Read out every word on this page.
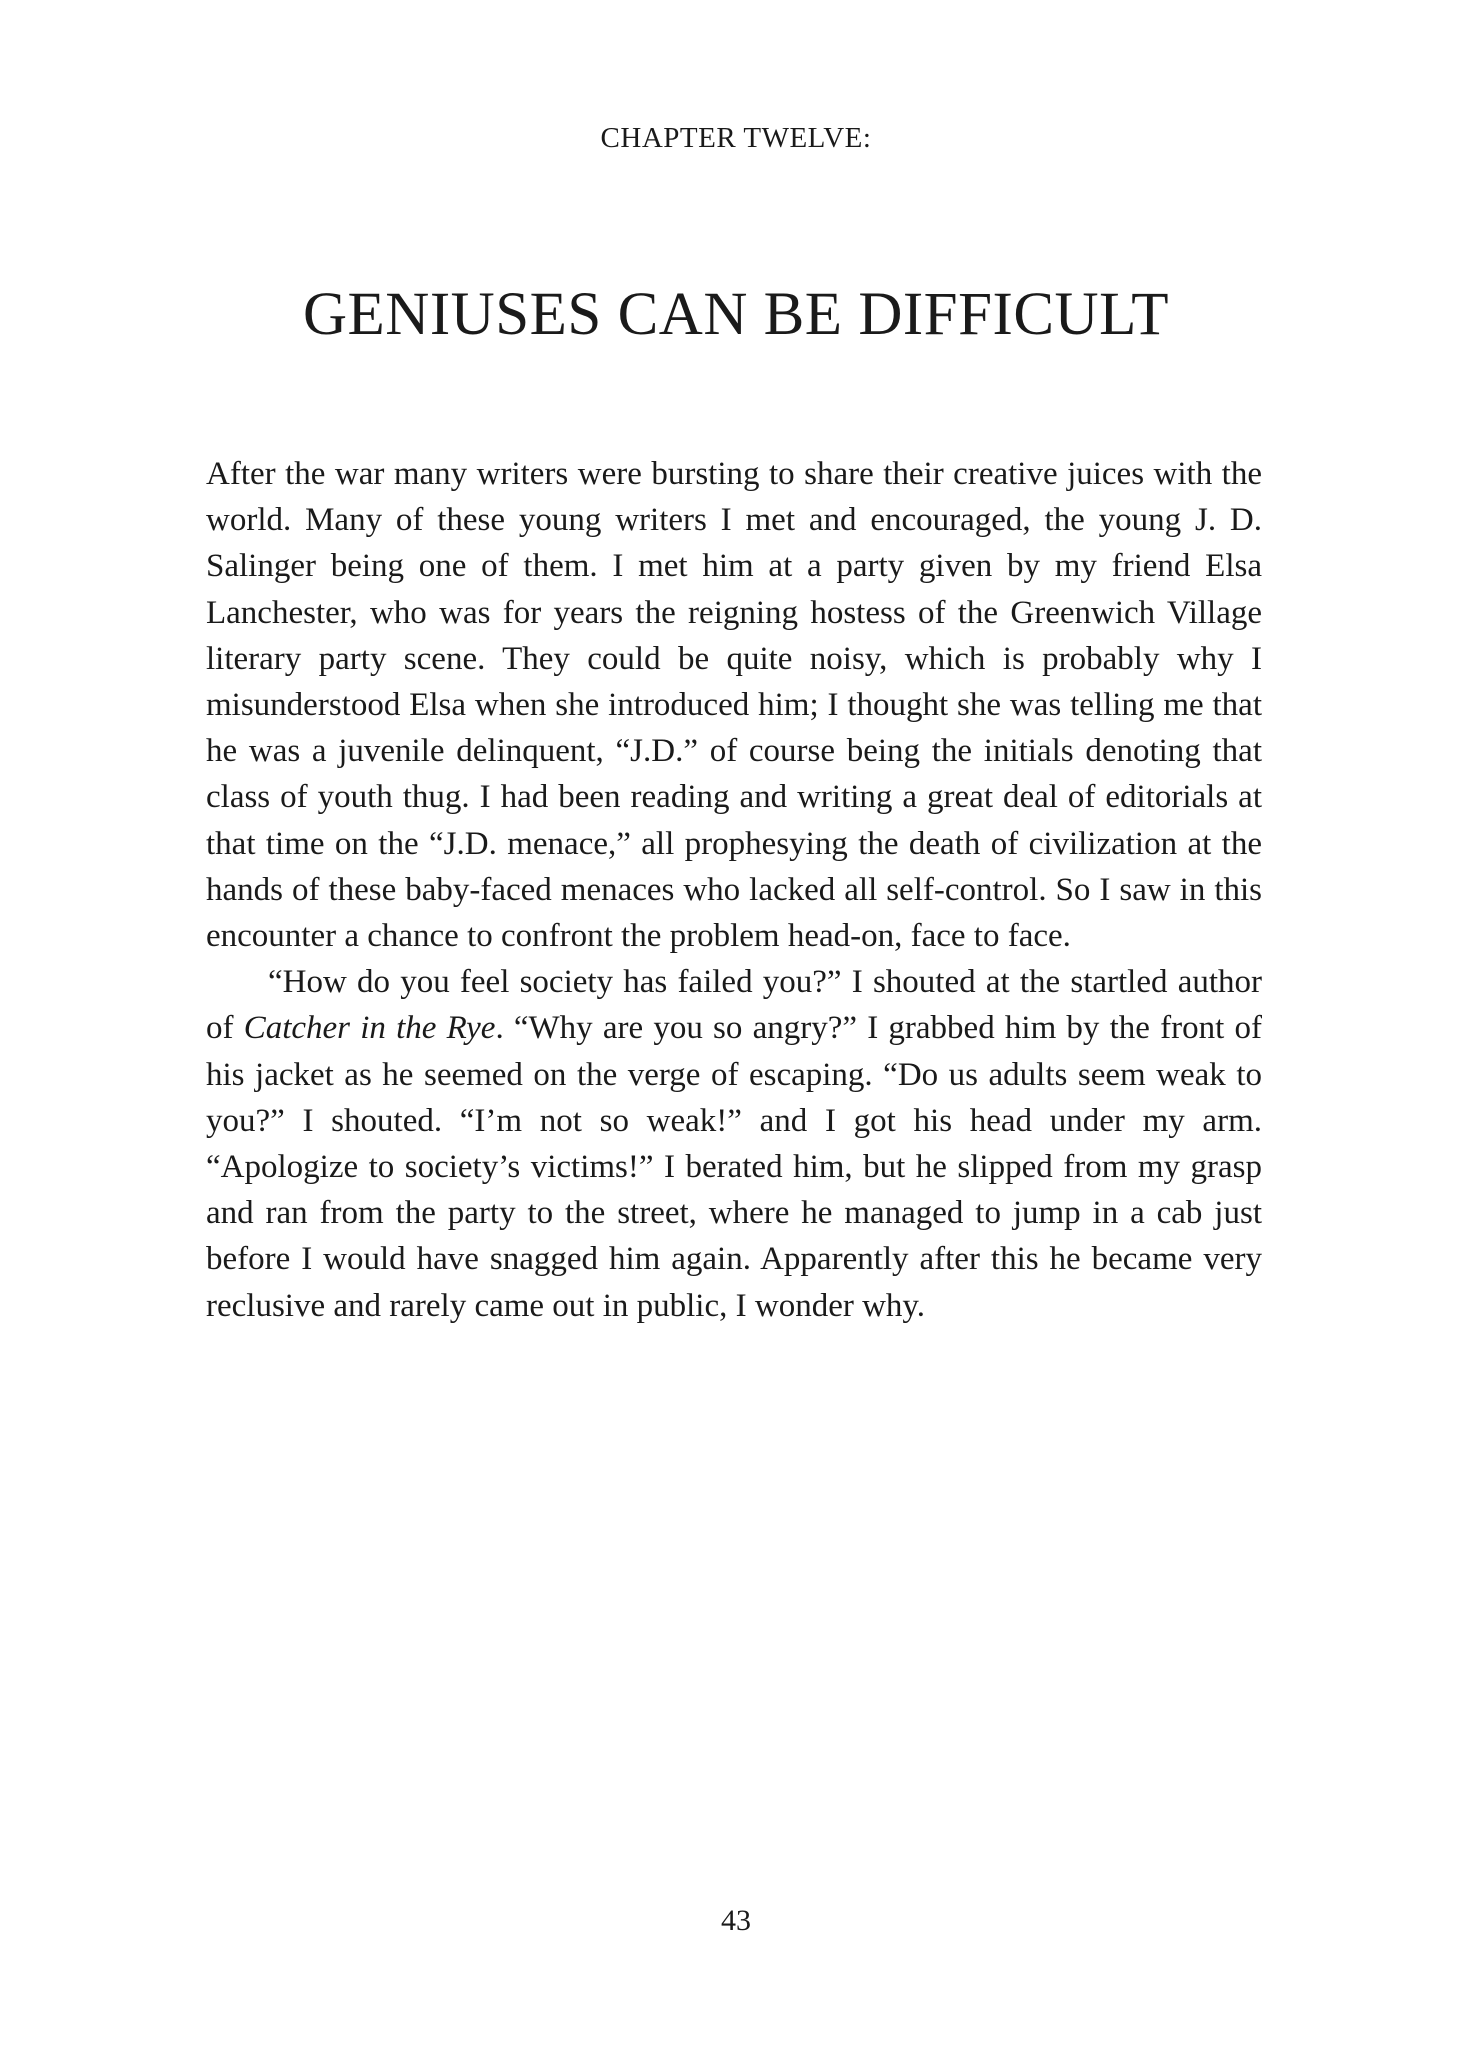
CHAPTER TWELVE:
GENIUSES CAN BE DIFFICULT

After the war many writers were bursting to share their creative juices with the world. Many of these young writers I met and encouraged, the young J. D. Salinger being one of them. I met him at a party given by my friend Elsa Lanchester, who was for years the reigning hostess of the Greenwich Village literary party scene. They could be quite noisy, which is probably why I misunderstood Elsa when she introduced him; I thought she was telling me that he was a juvenile delinquent, “J.D.” of course being the initials denoting that class of youth thug. I had been reading and writing a great deal of editorials at that time on the “J.D. menace,” all prophesying the death of civilization at the hands of these baby-faced menaces who lacked all self-control. So I saw in this encounter a chance to confront the problem head-on, face to face.

“How do you feel society has failed you?” I shouted at the startled author of Catcher in the Rye. “Why are you so angry?” I grabbed him by the front of his jacket as he seemed on the verge of escaping. “Do us adults seem weak to you?” I shouted. “I’m not so weak!” and I got his head under my arm. “Apologize to society’s victims!” I berated him, but he slipped from my grasp and ran from the party to the street, where he managed to jump in a cab just before I would have snagged him again. Apparently after this he became very reclusive and rarely came out in public, I wonder why.

43
